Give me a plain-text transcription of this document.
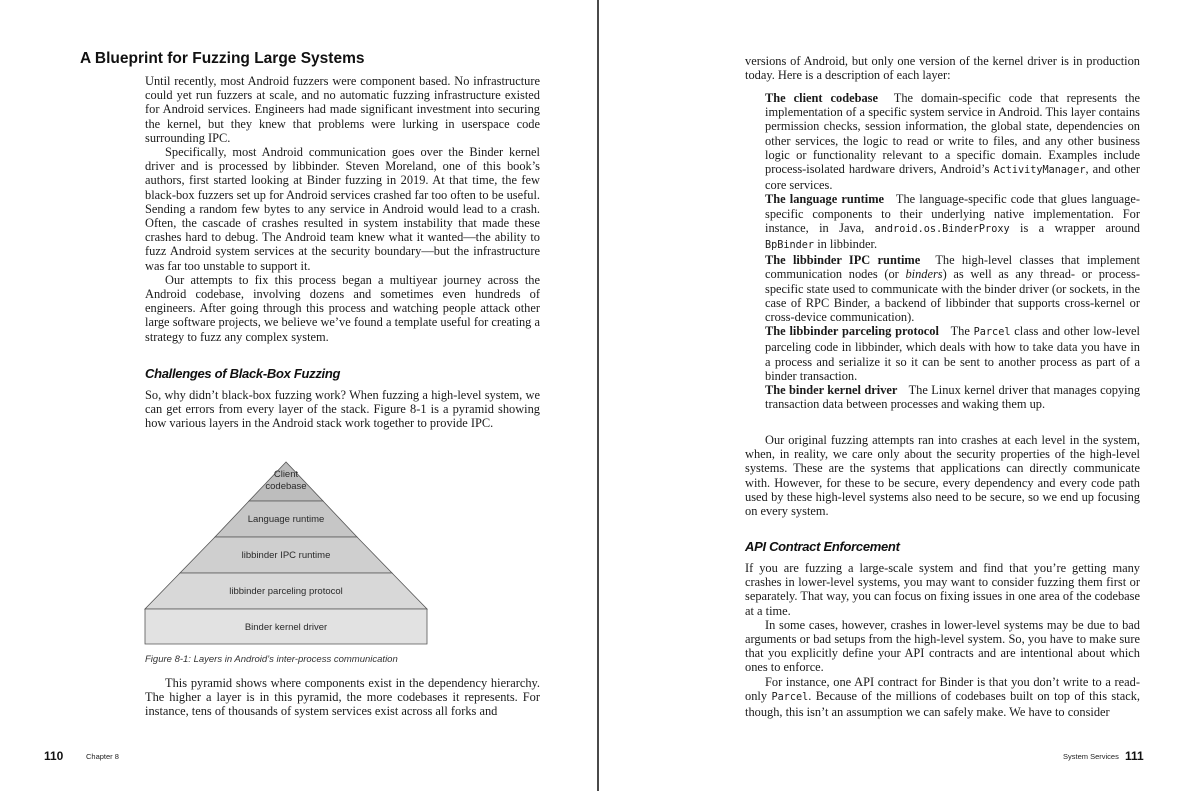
A Blueprint for Fuzzing Large Systems

Until recently, most Android fuzzers were component based. No infrastructure could yet run fuzzers at scale, and no automatic fuzzing infrastructure existed for Android services. Engineers had made significant investment into securing the kernel, but they knew that problems were lurking in userspace code surrounding IPC.

Specifically, most Android communication goes over the Binder kernel driver and is processed by libbinder. Steven Moreland, one of this book’s authors, first started looking at Binder fuzzing in 2019. At that time, the few black-box fuzzers set up for Android services crashed far too often to be useful. Sending a random few bytes to any service in Android would lead to a crash. Often, the cascade of crashes resulted in system instability that made these crashes hard to debug. The Android team knew what it wanted—the ability to fuzz Android system services at the security boundary—but the infrastructure was far too unstable to support it.

Our attempts to fix this process began a multiyear journey across the Android codebase, involving dozens and sometimes even hundreds of engineers. After going through this process and watching people attack other large software projects, we believe we’ve found a template useful for creating a strategy to fuzz any complex system.

Challenges of Black-Box Fuzzing

So, why didn’t black-box fuzzing work? When fuzzing a high-level system, we can get errors from every layer of the stack. Figure 8-1 is a pyramid showing how various layers in the Android stack work together to provide IPC.

Client
codebase
Language runtime
libbinder IPC runtime
libbinder parceling protocol
Binder kernel driver
Figure 8-1: Layers in Android’s inter-process communication

This pyramid shows where components exist in the dependency hierarchy. The higher a layer is in this pyramid, the more codebases it represents. For instance, tens of thousands of system services exist across all forks and

110	Chapter 8

versions of Android, but only one version of the kernel driver is in production today. Here is a description of each layer:

The client codebase The domain-specific code that represents the implementation of a specific system service in Android. This layer contains permission checks, session information, the global state, dependencies on other services, the logic to read or write to files, and any other business logic or functionality relevant to a specific domain. Examples include process-isolated hardware drivers, Android’s ActivityManager, and other core services.

The language runtime The language-specific code that glues language-specific components to their underlying native implementation. For instance, in Java, android.os.BinderProxy is a wrapper around BpBinder in libbinder.

The libbinder IPC runtime The high-level classes that implement communication nodes (or binders) as well as any thread- or process-specific state used to communicate with the binder driver (or sockets, in the case of RPC Binder, a backend of libbinder that supports cross-kernel or cross-device communication).

The libbinder parceling protocol The Parcel class and other low-level parceling code in libbinder, which deals with how to take data you have in a process and serialize it so it can be sent to another process as part of a binder transaction.

The binder kernel driver The Linux kernel driver that manages copying transaction data between processes and waking them up.

Our original fuzzing attempts ran into crashes at each level in the system, when, in reality, we care only about the security properties of the high-level systems. These are the systems that applications can directly communicate with. However, for these to be secure, every dependency and every code path used by these high-level systems also need to be secure, so we end up focusing on every system.

API Contract Enforcement

If you are fuzzing a large-scale system and find that you’re getting many crashes in lower-level systems, you may want to consider fuzzing them first or separately. That way, you can focus on fixing issues in one area of the codebase at a time.

In some cases, however, crashes in lower-level systems may be due to bad arguments or bad setups from the high-level system. So, you have to make sure that you explicitly define your API contracts and are intentional about which ones to enforce.

For instance, one API contract for Binder is that you don’t write to a read-only Parcel. Because of the millions of codebases built on top of this stack, though, this isn’t an assumption we can safely make. We have to consider

System Services 111
